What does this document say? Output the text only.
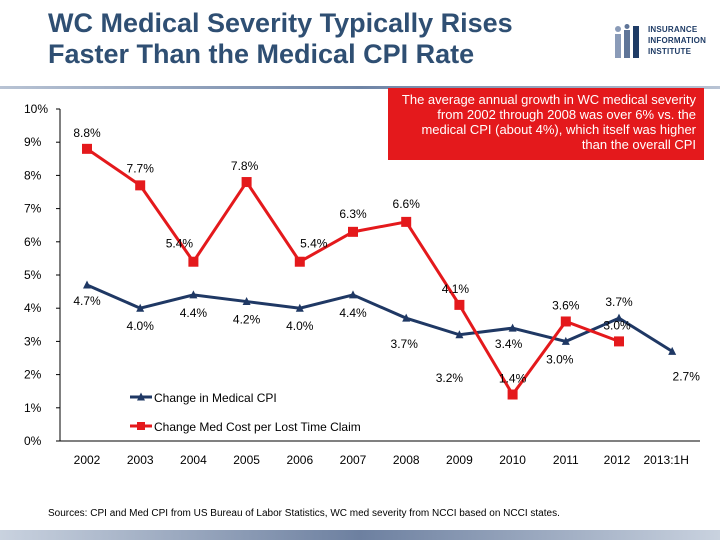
WC Medical Severity Typically Rises
Faster Than the Medical CPI Rate
INSURANCE
INFORMATION
INSTITUTE
0%
1%
2%
3%
4%
5%
6%
7%
8%
9%
10%
2002 2003 2004 2005 2006 2007 2008 2009 2010 2011 2012 2013:1H
4.7%
4.0%
4.4% 4.2% 4.0%
4.4%
3.7%
3.2%
3.4%
3.0%
3.7%
2.7%
8.8%
7.7%
5.4%
7.8%
5.4%
6.3%
6.6%
4.1%
1.4%
3.6%
3.0%
Change in Medical CPI
Change Med Cost per Lost Time Claim
The average annual growth in WC medical severity from 2002 through 2008 was over 6% vs. the medical CPI (about 4%), which itself was higher than the overall CPI
Sources: CPI and Med CPI from US Bureau of Labor Statistics, WC med severity from NCCI based on NCCI states.
